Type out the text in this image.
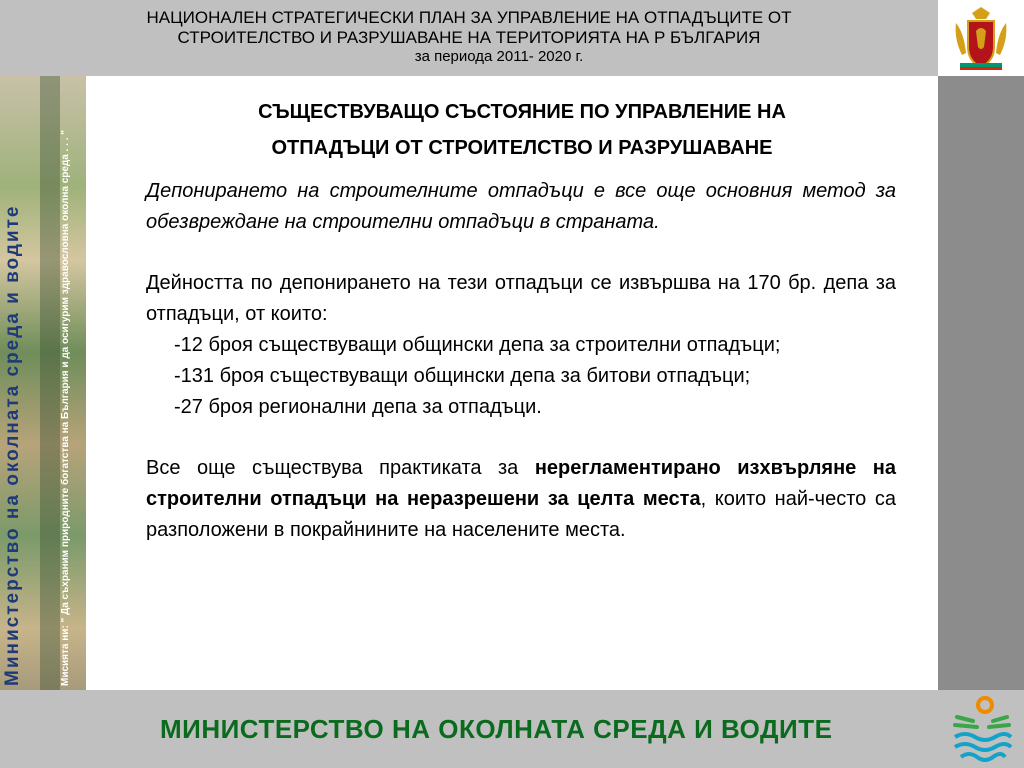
НАЦИОНАЛЕН СТРАТЕГИЧЕСКИ ПЛАН ЗА УПРАВЛЕНИЕ НА ОТПАДЪЦИТЕ ОТ
СТРОИТЕЛСТВО И РАЗРУШАВАНЕ НА ТЕРИТОРИЯТА НА Р БЪЛГАРИЯ
за периода 2011- 2020 г.
Министерство на околната среда и водите	Мисията ни: " Да съхраним природните богатства на България и да осигурим здравословна околна среда . . . "
СЪЩЕСТВУВАЩО СЪСТОЯНИЕ ПО УПРАВЛЕНИЕ НА
ОТПАДЪЦИ ОТ СТРОИТЕЛСТВО И РАЗРУШАВАНЕ
Депонирането на строителните отпадъци е все още основния метод за обезвреждане на строителни отпадъци в страната.
Дейността по депонирането на тези отпадъци се извършва на 170 бр. депа за отпадъци, от които:
-12 броя съществуващи общински депа за строителни отпадъци;
-131 броя съществуващи общински депа за битови отпадъци;
-27 броя регионални депа за отпадъци.
Все още съществува практиката за нерегламентирано изхвърляне на строителни отпадъци на неразрешени за целта места, които най-често са разположени в покрайнините на населените места.
МИНИСТЕРСТВО НА ОКОЛНАТА СРЕДА И ВОДИТЕ
